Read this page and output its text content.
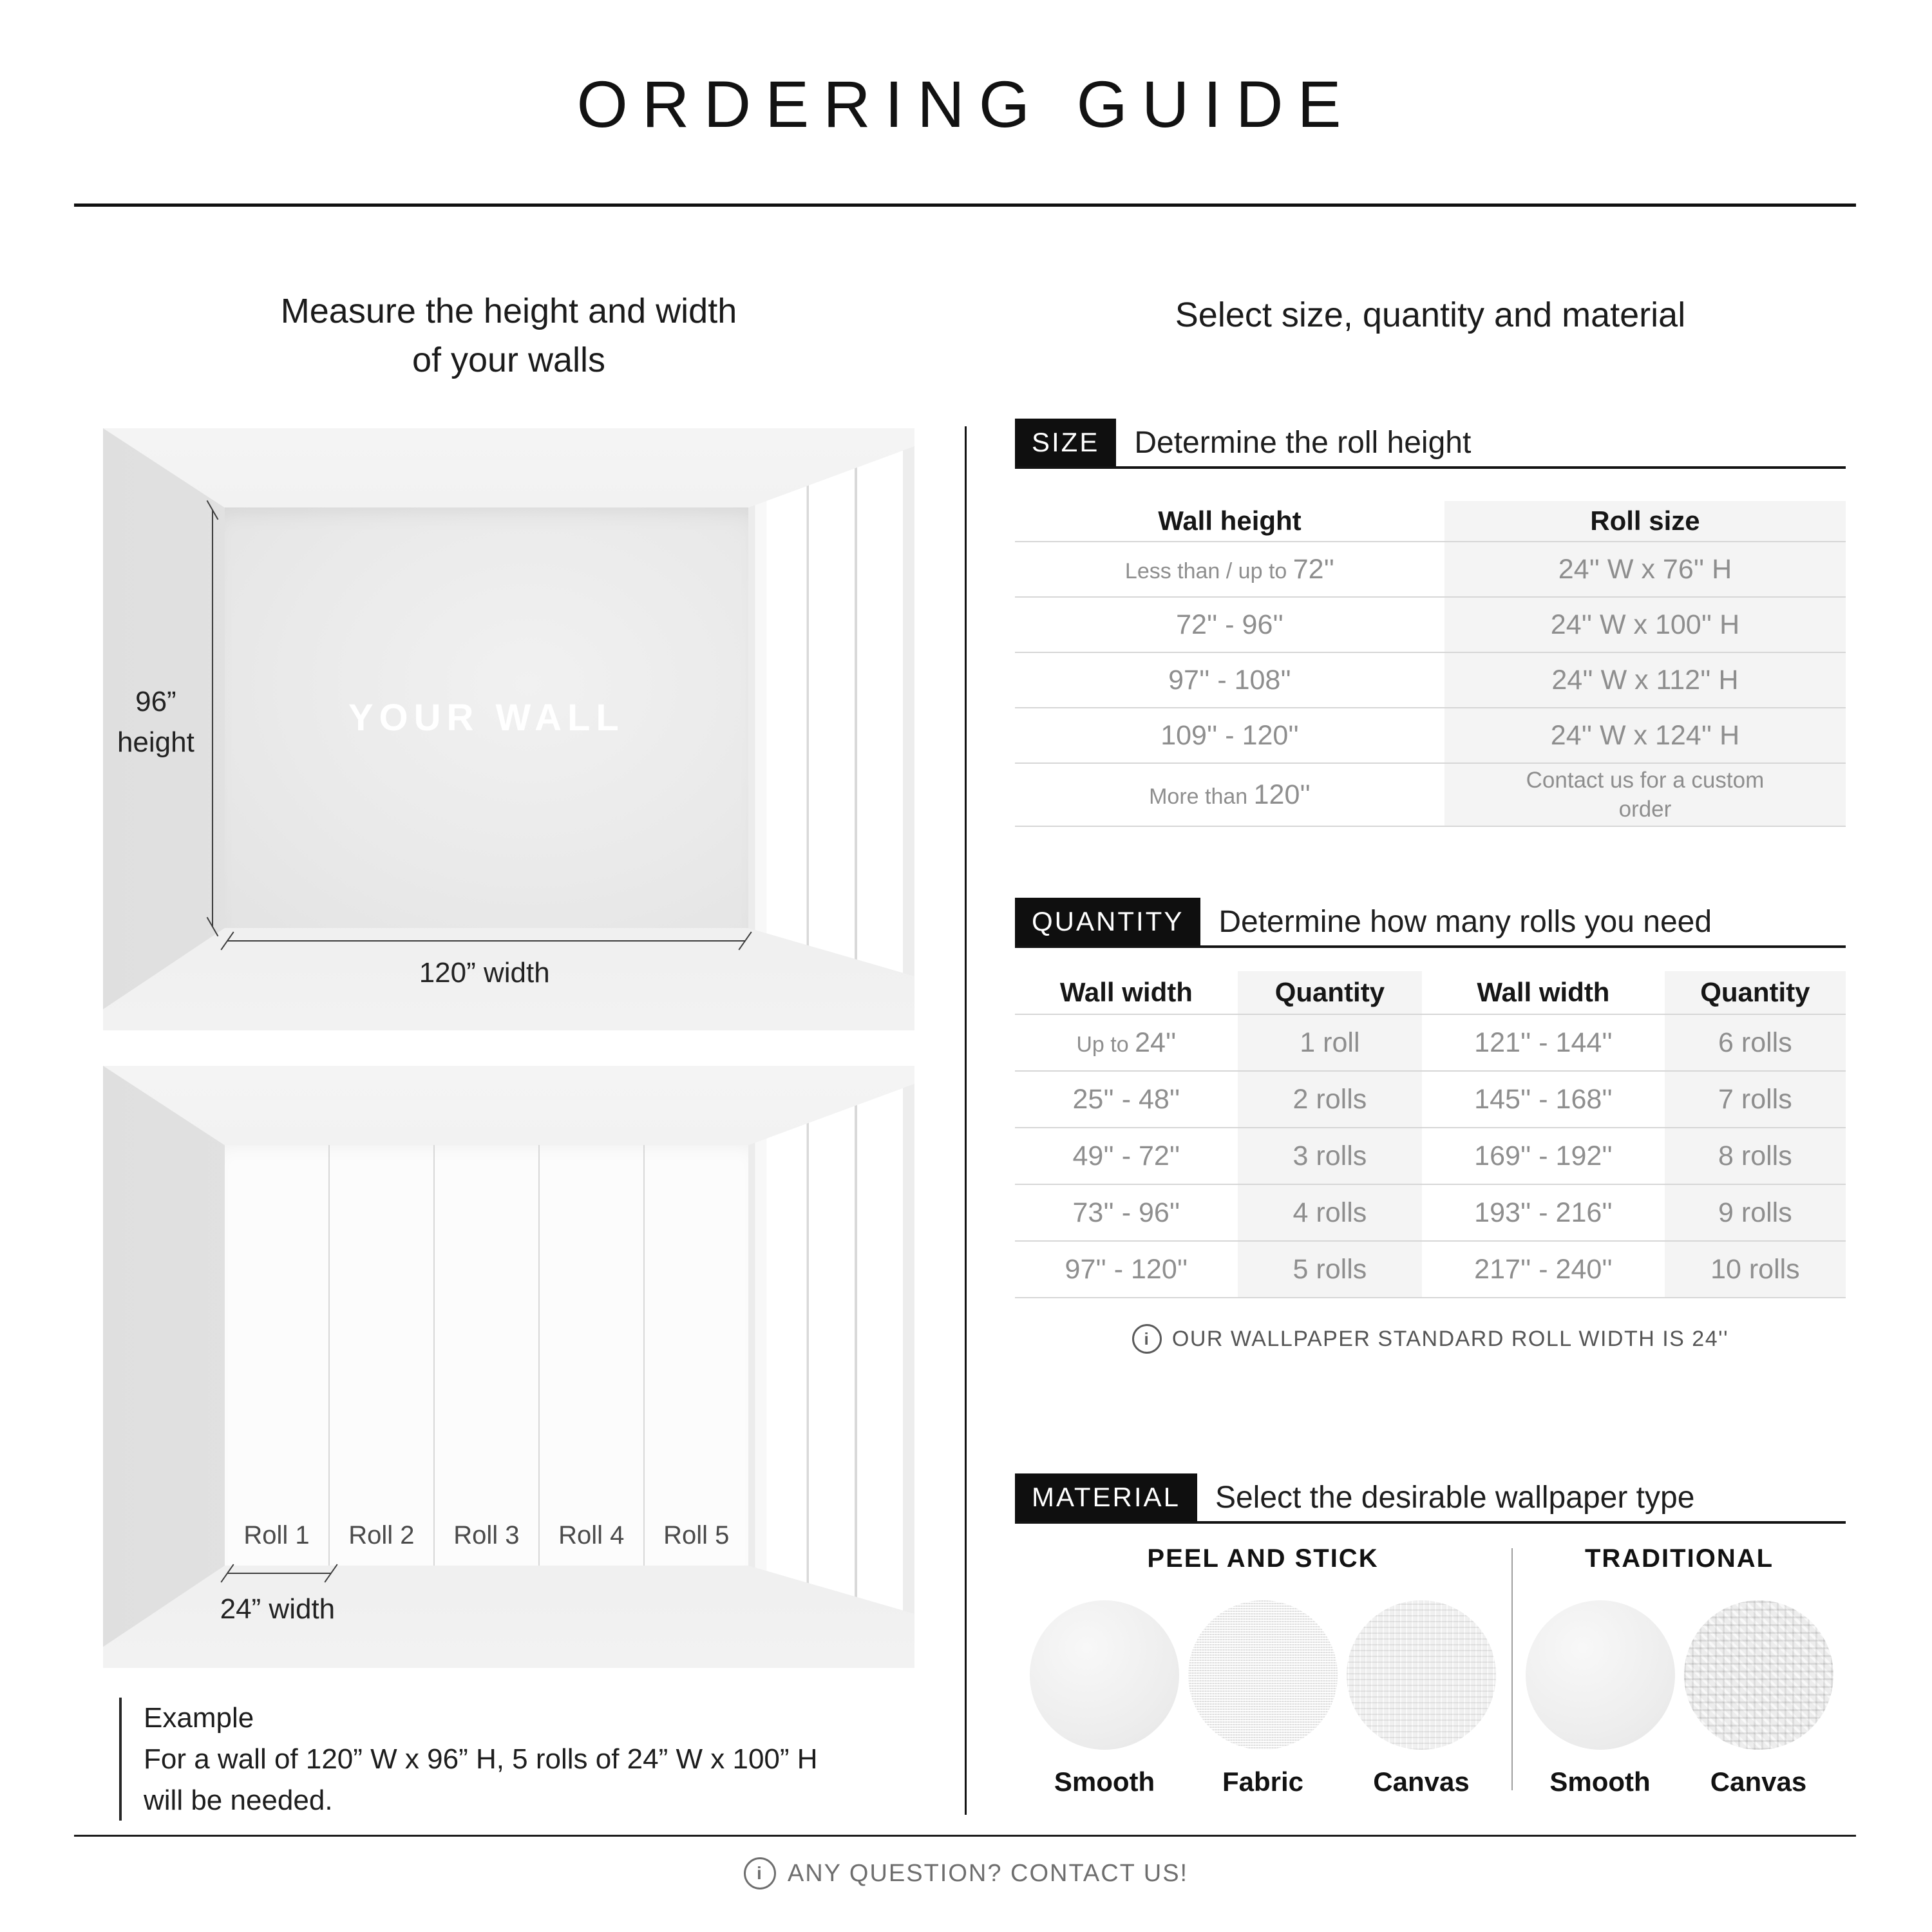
ORDERING GUIDE
Measure the height and width
of your walls
YOUR WALL
96”
height
120” width
Roll 1 Roll 2 Roll 3 Roll 4 Roll 5
24” width
Example
For a wall of 120” W x 96” H, 5 rolls of 24” W x 100” H
will be needed.
Select size, quantity and material
SIZE	Determine the roll height
Wall height	Roll size
Less than / up to 72''	24'' W x 76'' H
72'' - 96''	24'' W x 100'' H
97'' - 108''	24'' W x 112'' H
109'' - 120''	24'' W x 124'' H
More than 120''	Contact us for a custom order
QUANTITY	Determine how many rolls you need
Wall width	Quantity	Wall width	Quantity
Up to 24''	1 roll	121'' - 144''	6 rolls
25'' - 48''	2 rolls	145'' - 168''	7 rolls
49'' - 72''	3 rolls	169'' - 192''	8 rolls
73'' - 96''	4 rolls	193'' - 216''	9 rolls
97'' - 120''	5 rolls	217'' - 240''	10 rolls
i	OUR WALLPAPER STANDARD ROLL WIDTH IS 24''
MATERIAL	Select the desirable wallpaper type
PEEL AND STICK
Smooth	Fabric	Canvas
TRADITIONAL
Smooth	Canvas
i	ANY QUESTION? CONTACT US!
